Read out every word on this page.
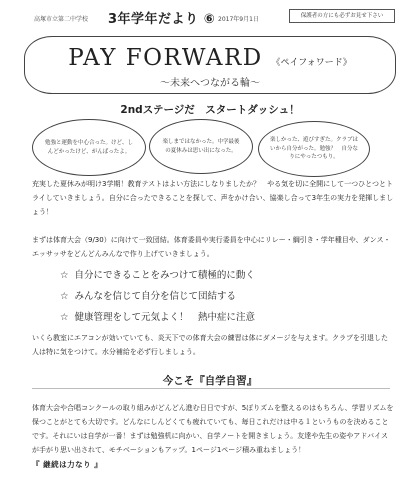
高塚市立第二中学校 3年学年だより ⑥ 2017年9月1日	保護者の方にも必ずお見せ下さい
PAY FORWARD 《ペイフォワード》
～未来へつながる輪～
2ndステージだ　スタートダッシュ！
勉強と運動を中心合った。けど、しんどかったけど、がんばったよ。
楽しまではなかった。中学最後の夏休みは思い出になった。
楽しかった、遊びすぎた。クラブはいから自分がった。勉強？　自分なりにやったつもり。
充実した夏休みが明け3学期！教育テストはよい方法にしなりましたか？　やる気を切に全開にして一つひとつとトライしていきましょう。自分に合ったできることを探して、声をかけ合い、協楽し合って3年生の実力を発揮しましょう！
まずは体育大会（9/30）に向けて一致団結。体育委員や実行委員を中心にリレー・綱引き・学年種目や、ダンス・エッサッサをどんどんみんなで作り上げていきましょう。
☆ 自分にできることをみつけて積極的に動く
☆ みんなを信じて自分を信じて団結する
☆ 健康管理をして元気よく！　熱中症に注意
いくら教室にエアコンが効いていても、炎天下での体育大会の練習は体にダメージを与えます。クラブを引退した人は特に気をつけて。水分補給を必ず行しましょう。
今こそ『自学自習』
体育大会や合唱コンクールの取り組みがどんどん進む日日ですが、5ぽりズムを整えるのはもちろん、学習リズムを保つことがとても大切です。どんなにしんどくても疲れていても、毎日これだけは中る１というものを決めることです。それにいは自学が一番！まずは勉強机に向かい、自学ノートを開きましょう。友達や先生の姿やアドバイスが手がり思い出されて、モチベーションもアップ。1ページ1ページ積み重ねましょう！
『 継続は力なり 』
